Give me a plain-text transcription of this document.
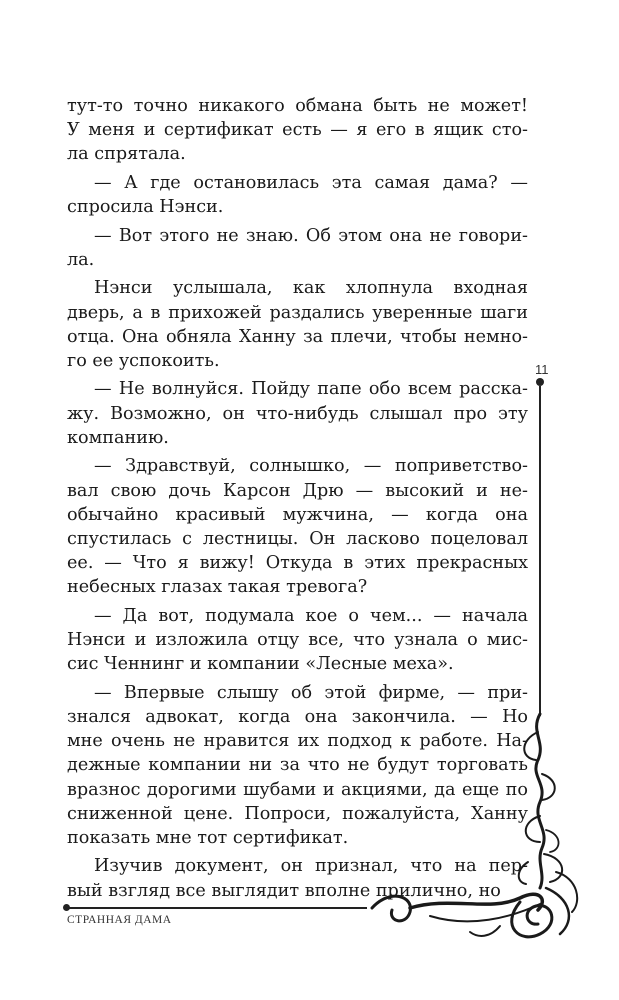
тут-то точно никакого обмана быть не может!
У меня и сертификат есть — я его в ящик сто-
ла спрятала.

— А где остановилась эта самая дама? —
спросила Нэнси.

— Вот этого не знаю. Об этом она не говори-
ла.

Нэнси услышала, как хлопнула входная
дверь, а в прихожей раздались уверенные шаги
отца. Она обняла Ханну за плечи, чтобы немно-
го ее успокоить.

— Не волнуйся. Пойду папе обо всем расска-
жу. Возможно, он что-нибудь слышал про эту
компанию.

— Здравствуй, солнышко, — поприветство-
вал свою дочь Карсон Дрю — высокий и не-
обычайно красивый мужчина, — когда она
спустилась с лестницы. Он ласково поцеловал
ее. — Что я вижу! Откуда в этих прекрасных
небесных глазах такая тревога?

— Да вот, подумала кое о чем... — начала
Нэнси и изложила отцу все, что узнала о мис-
сис Ченнинг и компании «Лесные меха».

— Впервые слышу об этой фирме, — при-
знался адвокат, когда она закончила. — Но
мне очень не нравится их подход к работе. На-
дежные компании ни за что не будут торговать
вразнос дорогими шубами и акциями, да еще по
сниженной цене. Попроси, пожалуйста, Ханну
показать мне тот сертификат.

Изучив документ, он признал, что на пер-
вый взгляд все выглядит вполне прилично, но

11
СТРАННАЯ ДАМА
